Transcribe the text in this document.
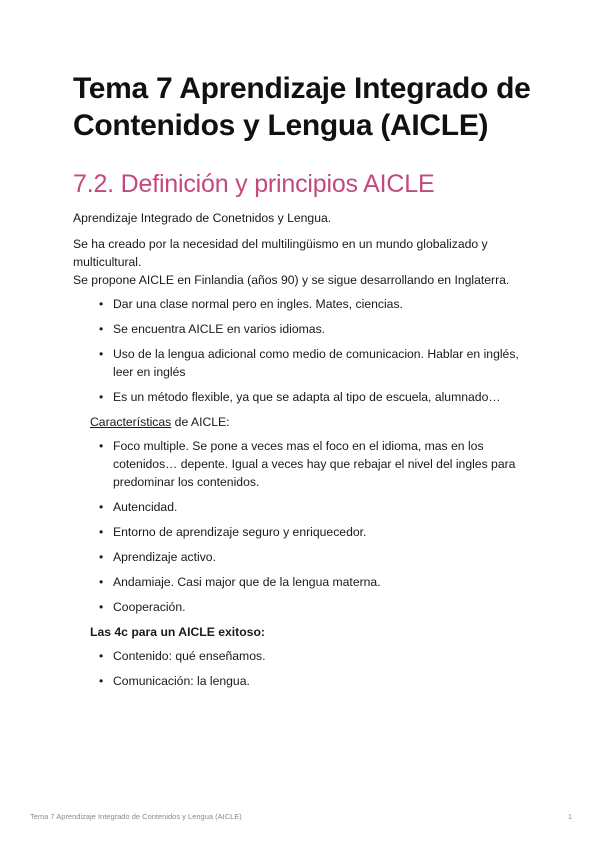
Tema 7 Aprendizaje Integrado de Contenidos y Lengua (AICLE)
7.2. Definición y principios AICLE

Aprendizaje Integrado de Conetnidos y Lengua.

Se ha creado por la necesidad del multilingüismo en un mundo globalizado y multicultural.

Se propone AICLE en Finlandia (años 90) y se sigue desarrollando en Inglaterra.

• Dar una clase normal pero en ingles. Mates, ciencias.
• Se encuentra AICLE en varios idiomas.
• Uso de la lengua adicional como medio de comunicacion. Hablar en inglés, leer en inglés
• Es un método flexible, ya que se adapta al tipo de escuela, alumnado…

Características de AICLE:

• Foco multiple. Se pone a veces mas el foco en el idioma, mas en los cotenidos… depente. Igual a veces hay que rebajar el nivel del ingles para predominar los contenidos.
• Autencidad.
• Entorno de aprendizaje seguro y enriquecedor.
• Aprendizaje activo.
• Andamiaje. Casi major que de la lengua materna.
• Cooperación.

Las 4c para un AICLE exitoso:

• Contenido: qué enseñamos.
• Comunicación: la lengua.
Tema 7 Aprendizaje Integrado de Contenidos y Lengua (AICLE)	1
